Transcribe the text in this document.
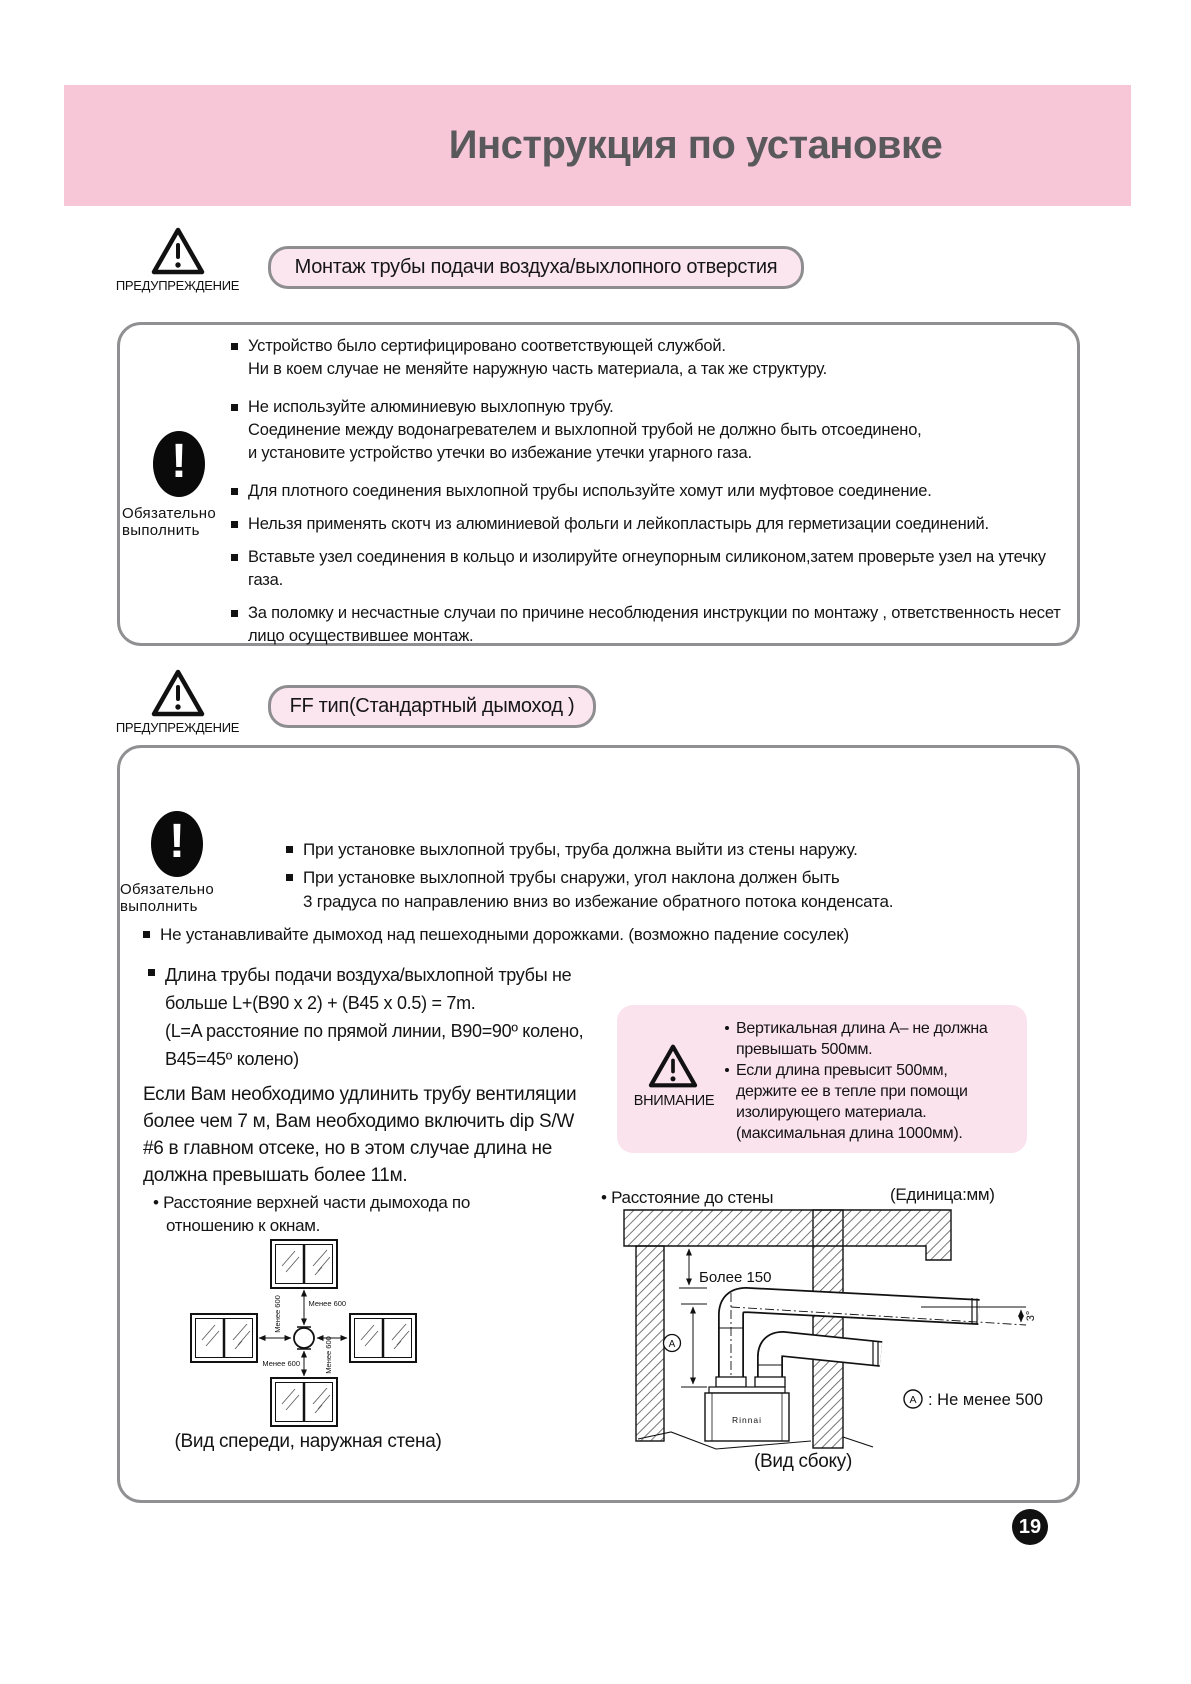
Инструкция по установке
ПРЕДУПРЕЖДЕНИЕ
Монтаж трубы подачи воздуха/выхлопного отверстия
!
Обязательно
выполнить
Устройство было сертифицировано соответствующей службой.
Ни в коем случае не меняйте наружную часть материала, а так же структуру.
Не используйте алюминиевую выхлопную трубу.
Соединение между водонагревателем и выхлопной трубой не должно быть отсоединено,
и установите устройство утечки во избежание утечки угарного газа.
Для плотного соединения выхлопной трубы используйте хомут или муфтовое соединение.
Нельзя применять скотч из алюминиевой фольги и лейкопластырь для герметизации соединений.
Вставьте узел соединения в кольцо и изолируйте огнеупорным силиконом,затем проверьте узел на утечку газа.
За поломку и несчастные случаи по причине несоблюдения инструкции по монтажу , ответственность несет
лицо осуществившее монтаж.
ПРЕДУПРЕЖДЕНИЕ
FF тип(Стандартный дымоход )
!
Обязательно
выполнить
При установке выхлопной трубы, труба должна выйти из стены наружу.
При установке выхлопной трубы снаружи, угол наклона должен быть
3 градуса по направлению вниз во избежание обратного потока конденсата.
Не устанавливайте дымоход над пешеходными дорожками. (возможно падение сосулек)
Длина трубы подачи воздуха/выхлопной трубы не
больше L+(B90 x 2) + (B45 x 0.5) = 7m.
(L=A расстояние по прямой линии, B90=90º колено,
B45=45º колено)
Если Вам необходимо удлинить трубу вентиляции
более чем 7 м, Вам необходимо включить dip S/W
#6 в главном отсеке, но в этом случае длина не
должна превышать более 11м.
ВНИМАНИЕ
Вертикальная длина A– не должна
превышать 500мм.
Если длина превысит 500мм,
держите ее в тепле при помощи
изолирующего материала.
(максимальная длина 1000мм).
• Расстояние верхней части дымохода по
отношению к окнам.
Менее 600
Менее 600
Менее 600
Менее 600
(Вид спереди, наружная стена)
• Расстояние до стены	(Единица:мм)
Более 150
3°
A
Rinnai
A : Не менее 500
(Вид сбоку)
19
